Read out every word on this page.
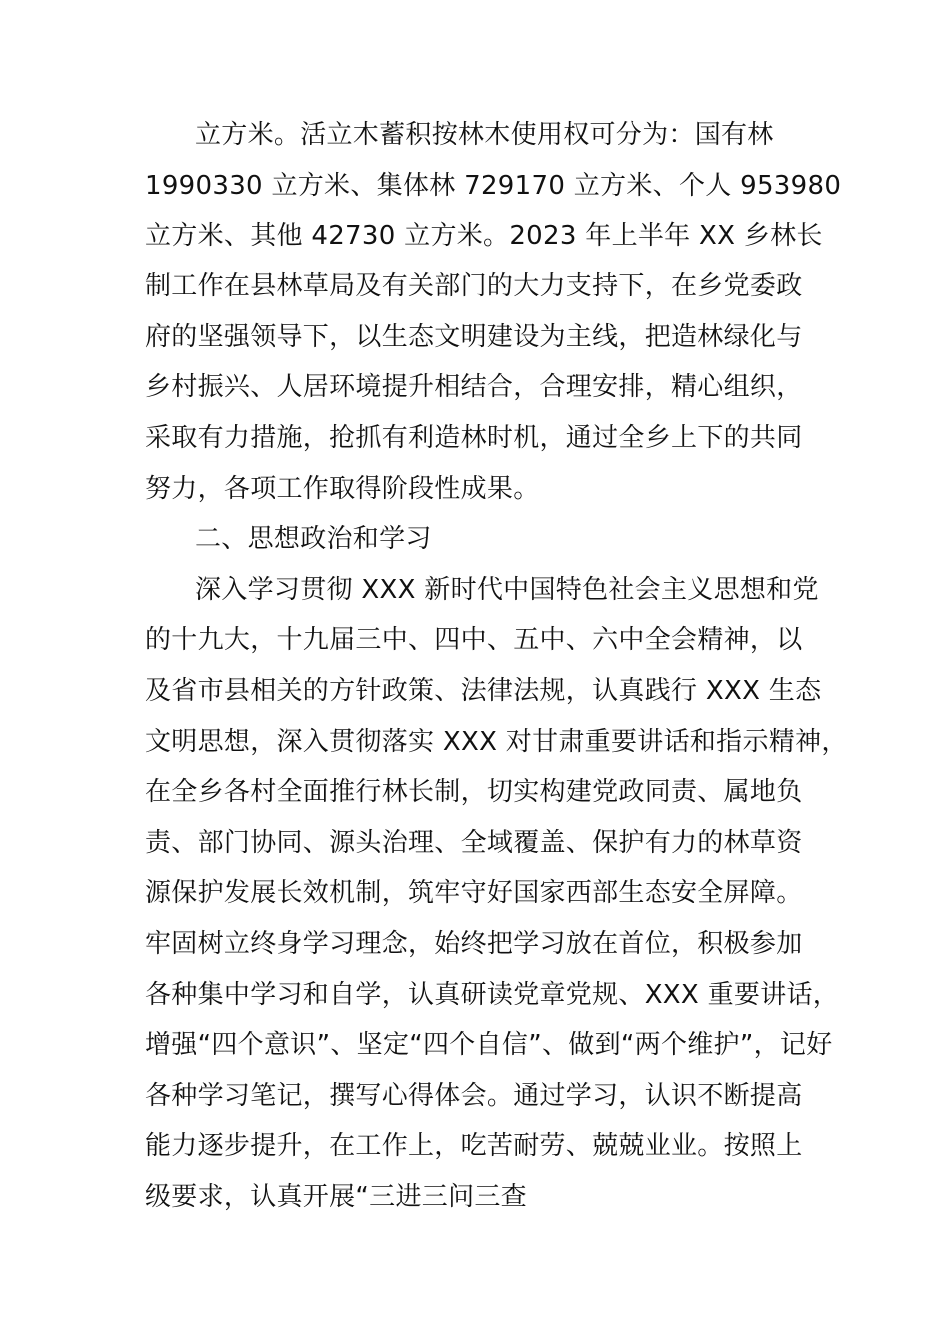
立方米。活立木蓄积按林木使用权可分为：国有林
1990330 立方米、集体林 729170 立方米、个人 953980
立方米、其他 42730 立方米。2023 年上半年 XX 乡林长
制工作在县林草局及有关部门的大力支持下，在乡党委政
府的坚强领导下，以生态文明建设为主线，把造林绿化与
乡村振兴、人居环境提升相结合，合理安排，精心组织，
采取有力措施，抢抓有利造林时机，通过全乡上下的共同
努力，各项工作取得阶段性成果。
二、思想政治和学习
深入学习贯彻 XXX 新时代中国特色社会主义思想和党
的十九大，十九届三中、四中、五中、六中全会精神，以
及省市县相关的方针政策、法律法规，认真践行 XXX 生态
文明思想，深入贯彻落实 XXX 对甘肃重要讲话和指示精神，
在全乡各村全面推行林长制，切实构建党政同责、属地负
责、部门协同、源头治理、全域覆盖、保护有力的林草资
源保护发展长效机制，筑牢守好国家西部生态安全屏障。
牢固树立终身学习理念，始终把学习放在首位，积极参加
各种集中学习和自学，认真研读党章党规、XXX 重要讲话，
增强“四个意识”、坚定“四个自信”、做到“两个维护”，记好
各种学习笔记，撰写心得体会。通过学习，认识不断提高
能力逐步提升，在工作上，吃苦耐劳、兢兢业业。按照上
级要求，认真开展“三进三问三查
